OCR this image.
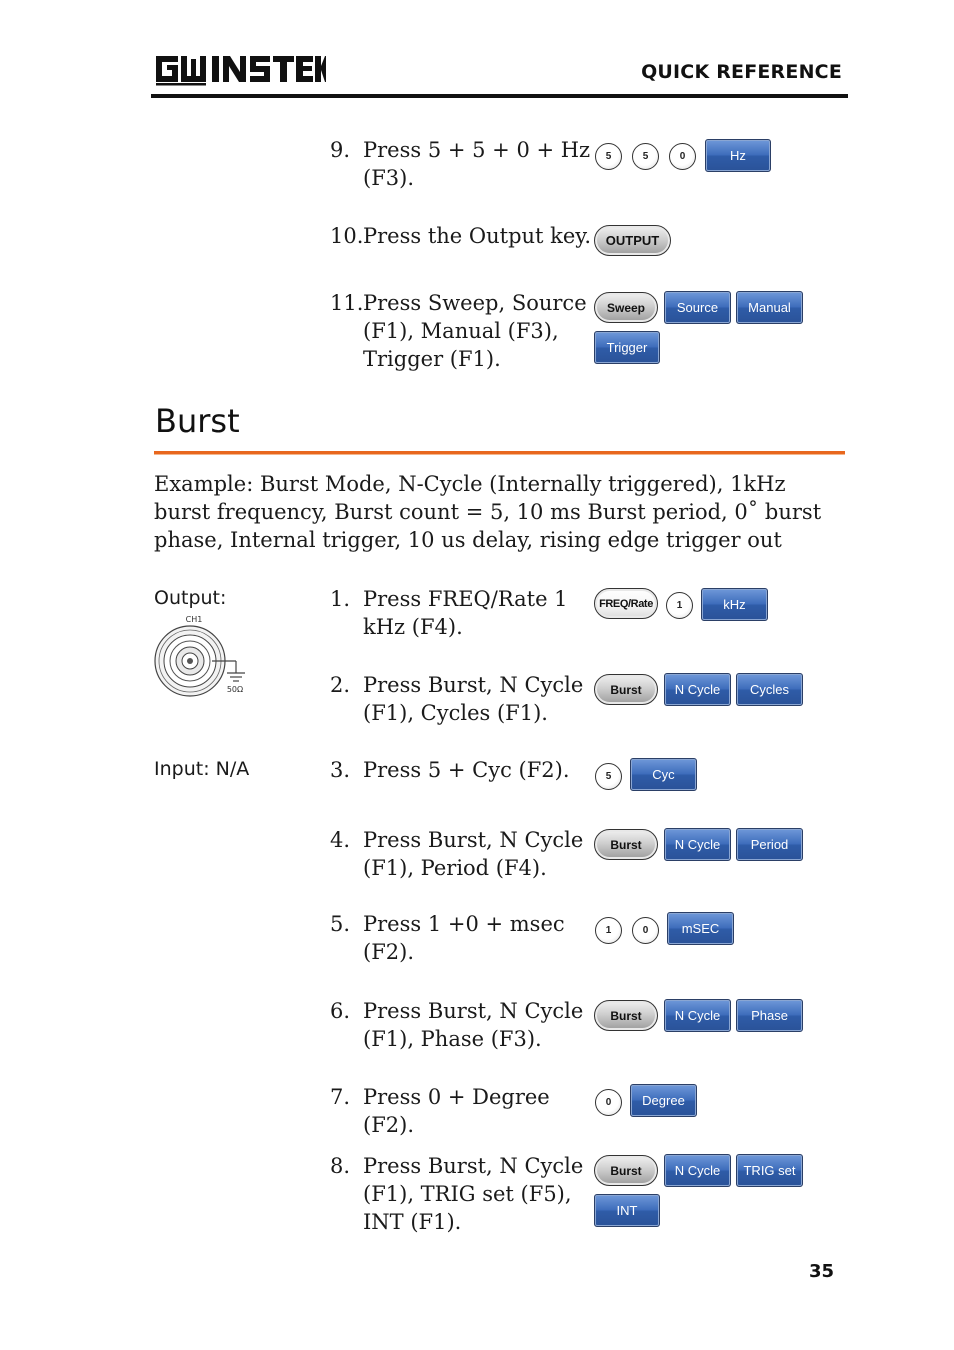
QUICK REFERENCE
9. Press 5 + 5 + 0 + Hz (F3).
5	5	0	Hz
10. Press the Output key.	OUTPUT
11. Press Sweep, Source (F1), Manual (F3), Trigger (F1).
Sweep	Source	Manual
Trigger
Burst
Example: Burst Mode, N-Cycle (Internally triggered), 1kHz burst frequency, Burst count = 5, 10 ms Burst period, 0˚ burst phase, Internal trigger, 10 us delay, rising edge trigger out
Output:
CH1
50Ω
Input: N/A
1. Press FREQ/Rate 1 kHz (F4).
FREQ/Rate	1	kHz
2. Press Burst, N Cycle (F1), Cycles (F1).
Burst	N Cycle	Cycles
3. Press 5 + Cyc (F2).	5	Cyc
4. Press Burst, N Cycle (F1), Period (F4).
Burst	N Cycle	Period
5. Press 1 +0 + msec (F2).
1	0	mSEC
6. Press Burst, N Cycle (F1), Phase (F3).
Burst	N Cycle	Phase
7. Press 0 + Degree (F2).
0	Degree
8. Press Burst, N Cycle (F1), TRIG set (F5), INT (F1).
Burst	N Cycle	TRIG set
INT
35
